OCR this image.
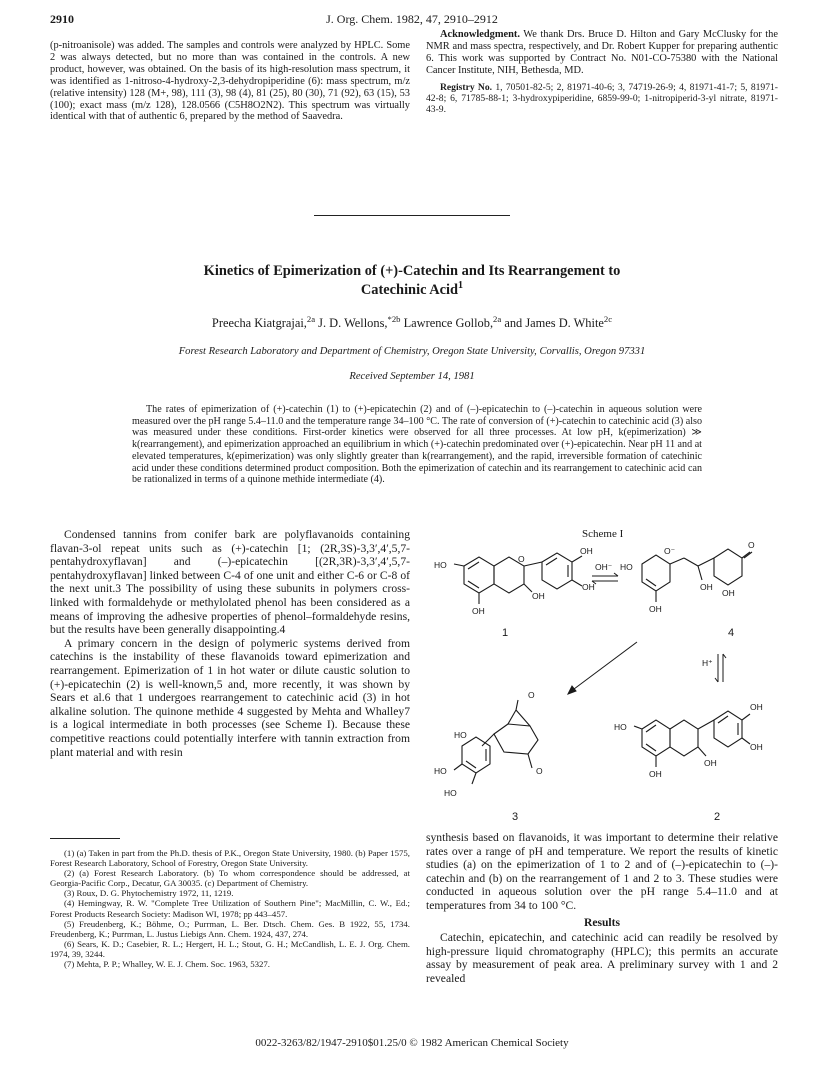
2910	J. Org. Chem. 1982, 47, 2910–2912

(p-nitroanisole) was added. The samples and controls were analyzed by HPLC. Some 2 was always detected, but no more than was contained in the controls. A new product, however, was obtained. On the basis of its high-resolution mass spectrum, it was identified as 1-nitroso-4-hydroxy-2,3-dehydropiperidine (6): mass spectrum, m/z (relative intensity) 128 (M+, 98), 111 (3), 98 (4), 81 (25), 80 (30), 71 (92), 63 (15), 53 (100); exact mass (m/z 128), 128.0566 (C5H8O2N2). This spectrum was virtually identical with that of authentic 6, prepared by the method of Saavedra.

Acknowledgment. We thank Drs. Bruce D. Hilton and Gary McClusky for the NMR and mass spectra, respectively, and Dr. Robert Kupper for preparing authentic 6. This work was supported by Contract No. N01-CO-75380 with the National Cancer Institute, NIH, Bethesda, MD.

Registry No. 1, 70501-82-5; 2, 81971-40-6; 3, 74719-26-9; 4, 81971-41-7; 5, 81971-42-8; 6, 71785-88-1; 3-hydroxypiperidine, 6859-99-0; 1-nitropiperid-3-yl nitrate, 81971-43-9.

Kinetics of Epimerization of (+)-Catechin and Its Rearrangement to
Catechinic Acid$^1$
Preecha Kiatgrajai,$^{2a}$ J. D. Wellons,$^{*2b}$ Lawrence Gollob,$^{2a}$ and James D. White$^{2c}$
Forest Research Laboratory and Department of Chemistry, Oregon State University, Corvallis, Oregon 97331
Received September 14, 1981
The rates of epimerization of (+)-catechin (1) to (+)-epicatechin (2) and of (–)-epicatechin to (–)-catechin in aqueous solution were measured over the pH range 5.4–11.0 and the temperature range 34–100 °C. The rate of conversion of (+)-catechin to catechinic acid (3) also was measured under these conditions. First-order kinetics were observed for all three processes. At low pH, k(epimerization) ≫ k(rearrangement), and epimerization approached an equilibrium in which (+)-catechin predominated over (+)-epicatechin. Near pH 11 and at elevated temperatures, k(epimerization) was only slightly greater than k(rearrangement), and the rapid, irreversible formation of catechinic acid under these conditions determined product composition. Both the epimerization of catechin and its rearrangement to catechinic acid can be rationalized in terms of a quinone methide intermediate (4).

Condensed tannins from conifer bark are polyflavanoids containing flavan-3-ol repeat units such as (+)-catechin [1; (2R,3S)-3,3′,4′,5,7-pentahydroxyflavan] and (–)-epicatechin [(2R,3R)-3,3′,4′,5,7-pentahydroxyflavan] linked between C-4 of one unit and either C-6 or C-8 of the next unit.3 The possibility of using these subunits in polymers cross-linked with formaldehyde or methylolated phenol has been considered as a means of improving the adhesive properties of phenol–formaldehyde resins, but the results have been generally disappointing.4

A primary concern in the design of polymeric systems derived from catechins is the instability of these flavanoids toward epimerization and rearrangement. Epimerization of 1 in hot water or dilute caustic solution to (+)-epicatechin (2) is well-known,5 and, more recently, it was shown by Sears et al.6 that 1 undergoes rearrangement to catechinic acid (3) in hot alkaline solution. The quinone methide 4 suggested by Mehta and Whalley7 is a logical intermediate in both processes (see Scheme I). Because these competitive reactions could potentially interfere with tannin extraction from plant material and with resin

(1) (a) Taken in part from the Ph.D. thesis of P.K., Oregon State University, 1980. (b) Paper 1575, Forest Research Laboratory, School of Forestry, Oregon State University.

(2) (a) Forest Research Laboratory. (b) To whom correspondence should be addressed, at Georgia-Pacific Corp., Decatur, GA 30035. (c) Department of Chemistry.

(3) Roux, D. G. Phytochemistry 1972, 11, 1219.

(4) Hemingway, R. W. "Complete Tree Utilization of Southern Pine"; MacMillin, C. W., Ed.; Forest Products Research Society: Madison WI, 1978; pp 443–457.

(5) Freudenberg, K.; Böhme, O.; Purrman, L. Ber. Dtsch. Chem. Ges. B 1922, 55, 1734. Freudenberg, K.; Purrman, L. Justus Liebigs Ann. Chem. 1924, 437, 274.

(6) Sears, K. D.; Casebier, R. L.; Hergert, H. L.; Stout, G. H.; McCandlish, L. E. J. Org. Chem. 1974, 39, 3244.

(7) Mehta, P. P.; Whalley, W. E. J. Chem. Soc. 1963, 5327.

synthesis based on flavanoids, it was important to determine their relative rates over a range of pH and temperature. We report the results of kinetic studies (a) on the epimerization of 1 to 2 and of (–)-epicatechin to (–)-catechin and (b) on the rearrangement of 1 and 2 to 3. These studies were conducted in aqueous solution over the pH range 5.4–11.0 and at temperatures from 34 to 100 °C.

Results

Catechin, epicatechin, and catechinic acid can readily be resolved by high-pressure liquid chromatography (HPLC); this permits an accurate assay by measurement of peak area. A preliminary survey with 1 and 2 revealed

Scheme I
OH
OH
HO
OH
OH
O
1
OH⁻ HO
O⁻
O
OH
OH
OH
4
H⁺
O
O
HO
HO
HO
3
OH
OH
HO
OH
OH
2
0022-3263/82/1947-2910$01.25/0 © 1982 American Chemical Society
